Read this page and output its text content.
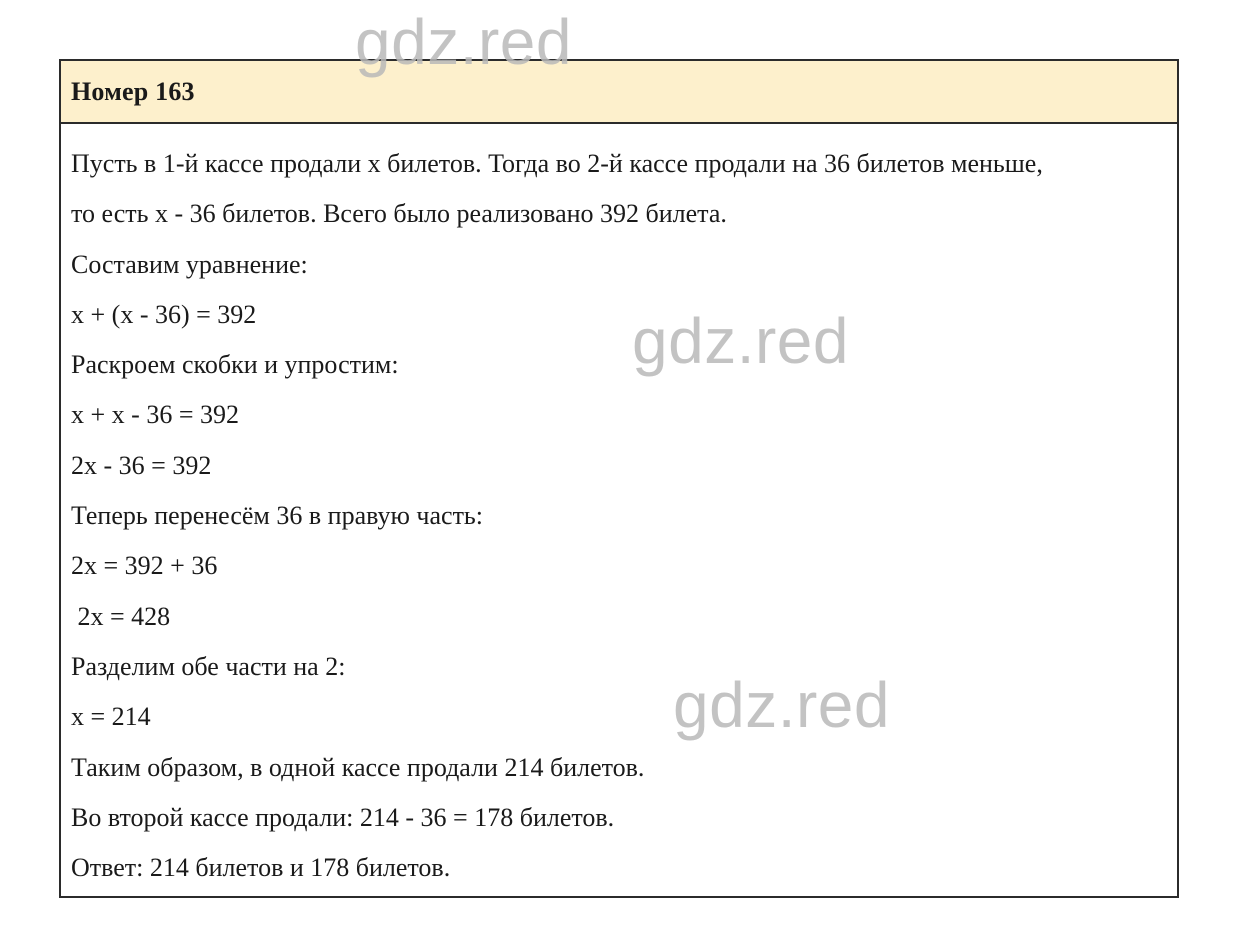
Номер 163
Пусть в 1-й кассе продали x билетов. Тогда во 2-й кассе продали на 36 билетов меньше,
то есть x - 36 билетов. Всего было реализовано 392 билета.
Составим уравнение:
x + (x - 36) = 392
Раскроем скобки и упростим:
x + x - 36 = 392
2x - 36 = 392
Теперь перенесём 36 в правую часть:
2x = 392 + 36
2x = 428
Разделим обе части на 2:
x = 214
Таким образом, в одной кассе продали 214 билетов.
Во второй кассе продали: 214 - 36 = 178 билетов.
Ответ: 214 билетов и 178 билетов.
gdz.red
gdz.red
gdz.red
